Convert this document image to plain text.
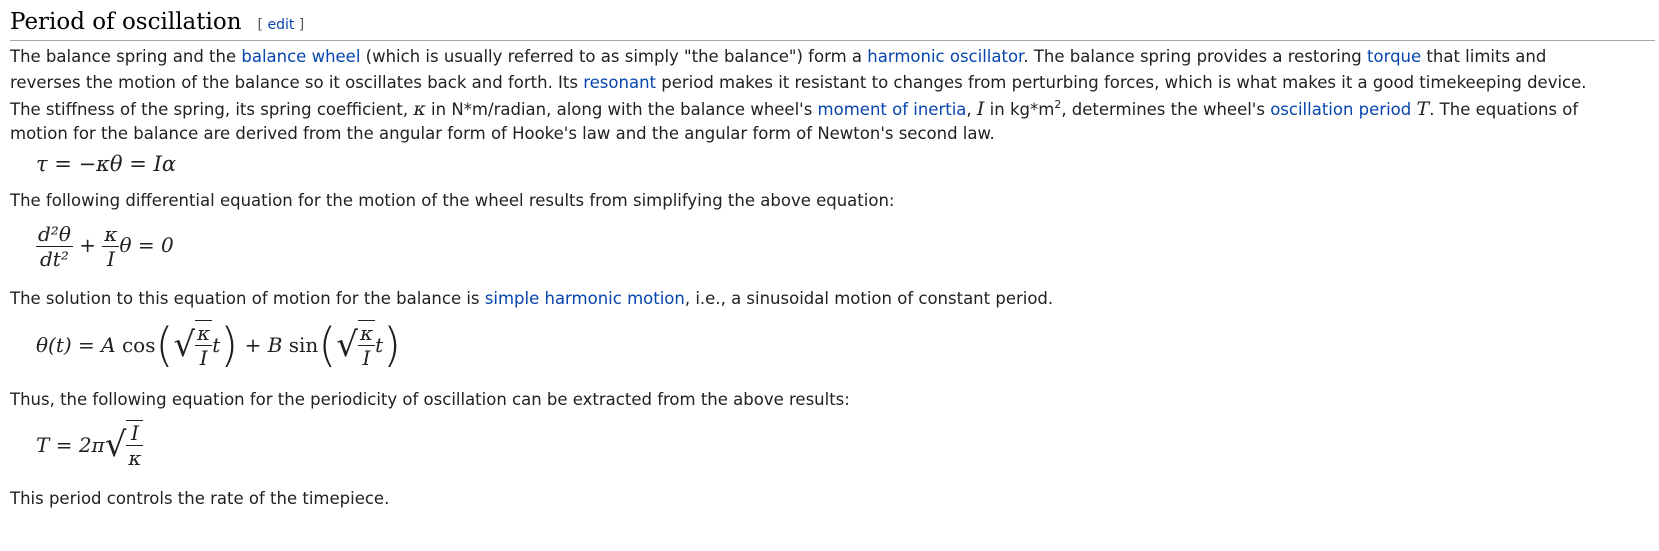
Period of oscillation [ edit ]
The balance spring and the balance wheel (which is usually referred to as simply "the balance") form a harmonic oscillator. The balance spring provides a restoring torque that limits and
reverses the motion of the balance so it oscillates back and forth. Its resonant period makes it resistant to changes from perturbing forces, which is what makes it a good timekeeping device.
The stiffness of the spring, its spring coefficient, κ in N*m/radian, along with the balance wheel's moment of inertia, I in $kg*m^2$, determines the wheel's oscillation period T. The equations of
motion for the balance are derived from the angular form of Hooke's law and the angular form of Newton's second law.
τ = −κθ = Iα
The following differential equation for the motion of the wheel results from simplifying the above equation:
$\frac{\text{d²θ}}{\text{dt²}} + \frac{\kappa}{I}$ θ = 0
The solution to this equation of motion for the balance is simple harmonic motion, i.e., a sinusoidal motion of constant period.
θ(t) = A $\cos(√ \frac{\kappa}{I} t) + B$ $\sin(√ \frac{\kappa}{I} t)$
Thus, the following equation for the periodicity of oscillation can be extracted from the above results:
$T = 2\pi√ \frac{I}{\kappa}$
This period controls the rate of the timepiece.
